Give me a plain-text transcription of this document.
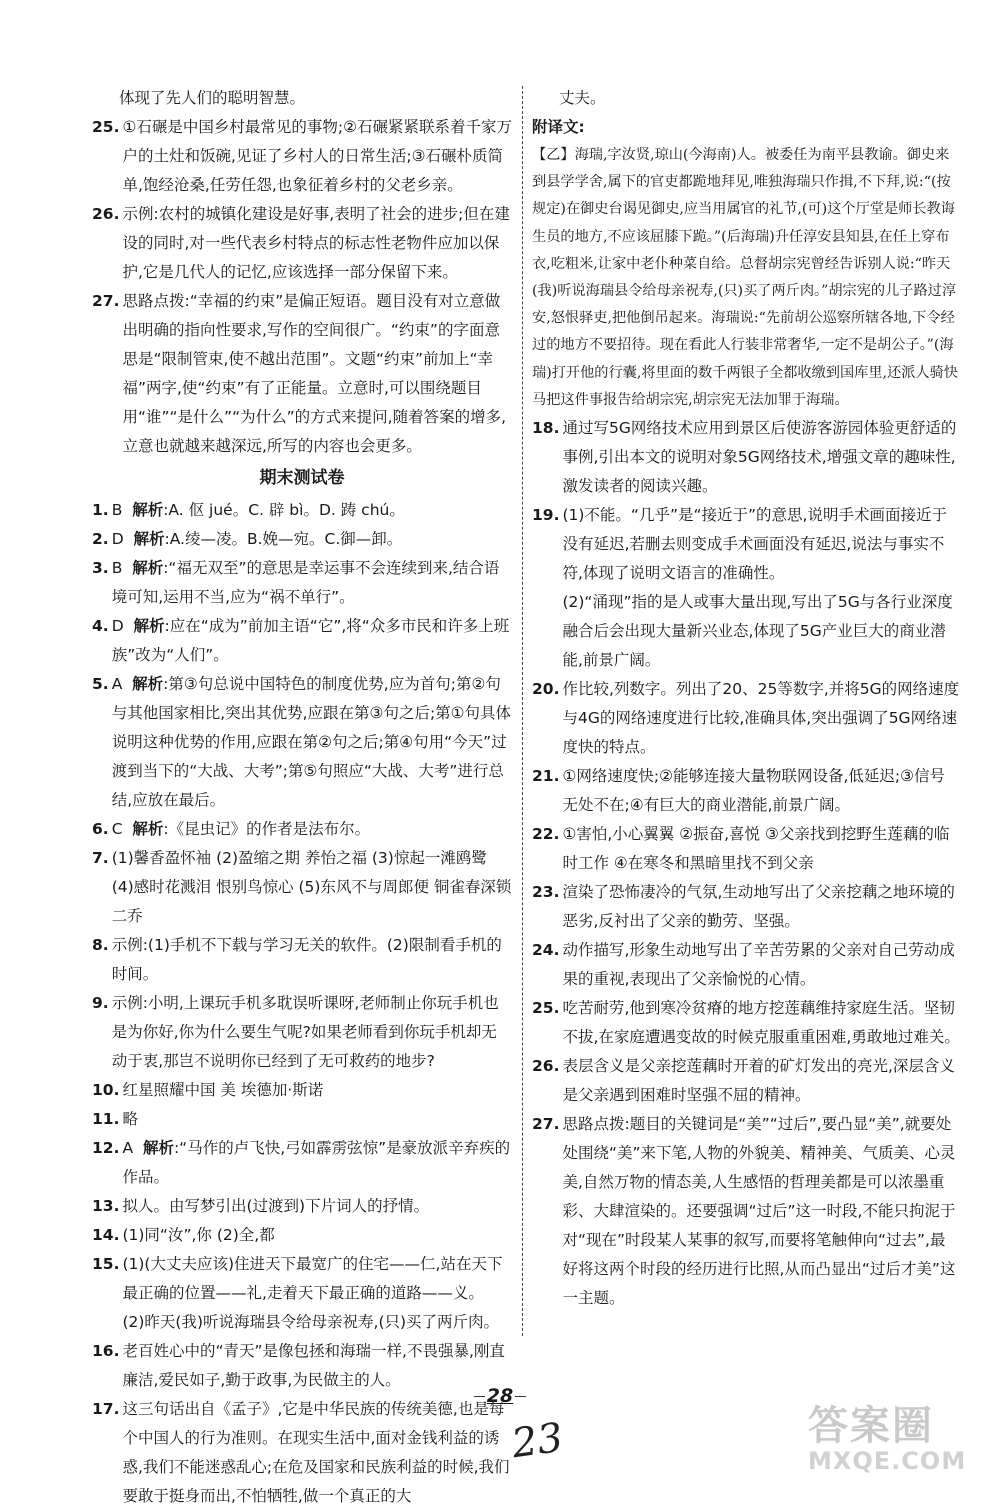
体现了先人们的聪明智慧。
25. ①石碾是中国乡村最常见的事物;②石碾紧紧联系着千家万户的土灶和饭碗,见证了乡村人的日常生活;③石碾朴质简单,饱经沧桑,任劳任怨,也象征着乡村的父老乡亲。
26. 示例:农村的城镇化建设是好事,表明了社会的进步;但在建设的同时,对一些代表乡村特点的标志性老物件应加以保护,它是几代人的记忆,应该选择一部分保留下来。
27. 思路点拨:“幸福的约束”是偏正短语。题目没有对立意做出明确的指向性要求,写作的空间很广。“约束”的字面意思是“限制管束,使不越出范围”。文题“约束”前加上“幸福”两字,使“约束”有了正能量。立意时,可以围绕题目用“谁”“是什么”“为什么”的方式来提问,随着答案的增多,立意也就越来越深远,所写的内容也会更多。
期末测试卷
1. B 解析:A. 伛 jué。C. 辟 bì。D. 踌 chú。
2. D 解析:A.绫—凌。B.娩—宛。C.御—卸。
3. B 解析:“福无双至”的意思是幸运事不会连续到来,结合语境可知,运用不当,应为“祸不单行”。
4. D 解析:应在“成为”前加主语“它”,将“众多市民和许多上班族”改为“人们”。
5. A 解析:第③句总说中国特色的制度优势,应为首句;第②句与其他国家相比,突出其优势,应跟在第③句之后;第①句具体说明这种优势的作用,应跟在第②句之后;第④句用“今天”过渡到当下的“大战、大考”;第⑤句照应“大战、大考”进行总结,应放在最后。
6. C 解析:《昆虫记》的作者是法布尔。
7. (1)馨香盈怀袖 (2)盈缩之期 养怡之福 (3)惊起一滩鸥鹭 (4)感时花溅泪 恨别鸟惊心 (5)东风不与周郎便 铜雀春深锁二乔
8. 示例:(1)手机不下载与学习无关的软件。(2)限制看手机的时间。
9. 示例:小明,上课玩手机多耽误听课呀,老师制止你玩手机也是为你好,你为什么要生气呢?如果老师看到你玩手机却无动于衷,那岂不说明你已经到了无可救药的地步?
10. 红星照耀中国 美 埃德加·斯诺
11. 略
12. A 解析:“马作的卢飞快,弓如霹雳弦惊”是豪放派辛弃疾的作品。
13. 拟人。由写梦引出(过渡到)下片词人的抒情。
14. (1)同“汝”,你 (2)全,都
15. (1)(大丈夫应该)住进天下最宽广的住宅——仁,站在天下最正确的位置——礼,走着天下最正确的道路——义。
(2)昨天(我)听说海瑞县令给母亲祝寿,(只)买了两斤肉。
16. 老百姓心中的“青天”是像包拯和海瑞一样,不畏强暴,刚直廉洁,爱民如子,勤于政事,为民做主的人。
17. 这三句话出自《孟子》,它是中华民族的传统美德,也是每个中国人的行为准则。在现实生活中,面对金钱利益的诱惑,我们不能迷惑乱心;在危及国家和民族利益的时候,我们要敢于挺身而出,不怕牺牲,做一个真正的大
丈夫。
附译文:
【乙】海瑞,字汝贤,琼山(今海南)人。被委任为南平县教谕。御史来到县学学舍,属下的官吏都跪地拜见,唯独海瑞只作揖,不下拜,说:“(按规定)在御史台谒见御史,应当用属官的礼节,(可)这个厅堂是师长教诲生员的地方,不应该屈膝下跪。”(后海瑞)升任淳安县知县,在任上穿布衣,吃粗米,让家中老仆种菜自给。总督胡宗宪曾经告诉别人说:“昨天(我)听说海瑞县令给母亲祝寿,(只)买了两斤肉。”胡宗宪的儿子路过淳安,怒恨驿吏,把他倒吊起来。海瑞说:“先前胡公巡察所辖各地,下令经过的地方不要招待。现在看此人行装非常奢华,一定不是胡公子。”(海瑞)打开他的行囊,将里面的数千两银子全都收缴到国库里,还派人骑快马把这件事报告给胡宗宪,胡宗宪无法加罪于海瑞。
18. 通过写5G网络技术应用到景区后使游客游园体验更舒适的事例,引出本文的说明对象5G网络技术,增强文章的趣味性,激发读者的阅读兴趣。
19. (1)不能。“几乎”是“接近于”的意思,说明手术画面接近于没有延迟,若删去则变成手术画面没有延迟,说法与事实不符,体现了说明文语言的准确性。
(2)“涌现”指的是人或事大量出现,写出了5G与各行业深度融合后会出现大量新兴业态,体现了5G产业巨大的商业潜能,前景广阔。
20. 作比较,列数字。列出了20、25等数字,并将5G的网络速度与4G的网络速度进行比较,准确具体,突出强调了5G网络速度快的特点。
21. ①网络速度快;②能够连接大量物联网设备,低延迟;③信号无处不在;④有巨大的商业潜能,前景广阔。
22. ①害怕,小心翼翼 ②振奋,喜悦 ③父亲找到挖野生莲藕的临时工作 ④在寒冬和黑暗里找不到父亲
23. 渲染了恐怖凄冷的气氛,生动地写出了父亲挖藕之地环境的恶劣,反衬出了父亲的勤劳、坚强。
24. 动作描写,形象生动地写出了辛苦劳累的父亲对自己劳动成果的重视,表现出了父亲愉悦的心情。
25. 吃苦耐劳,他到寒冷贫瘠的地方挖莲藕维持家庭生活。坚韧不拔,在家庭遭遇变故的时候克服重重困难,勇敢地过难关。
26. 表层含义是父亲挖莲藕时开着的矿灯发出的亮光,深层含义是父亲遇到困难时坚强不屈的精神。
27. 思路点拨:题目的关键词是“美”“过后”,要凸显“美”,就要处处围绕“美”来下笔,人物的外貌美、精神美、气质美、心灵美,自然万物的情态美,人生感悟的哲理美都是可以浓墨重彩、大肆渲染的。还要强调“过后”这一时段,不能只拘泥于对“现在”时段某人某事的叙写,而要将笔触伸向“过去”,最好将这两个时段的经历进行比照,从而凸显出“过后才美”这一主题。
28
23	答案圈
MXQE.COM
